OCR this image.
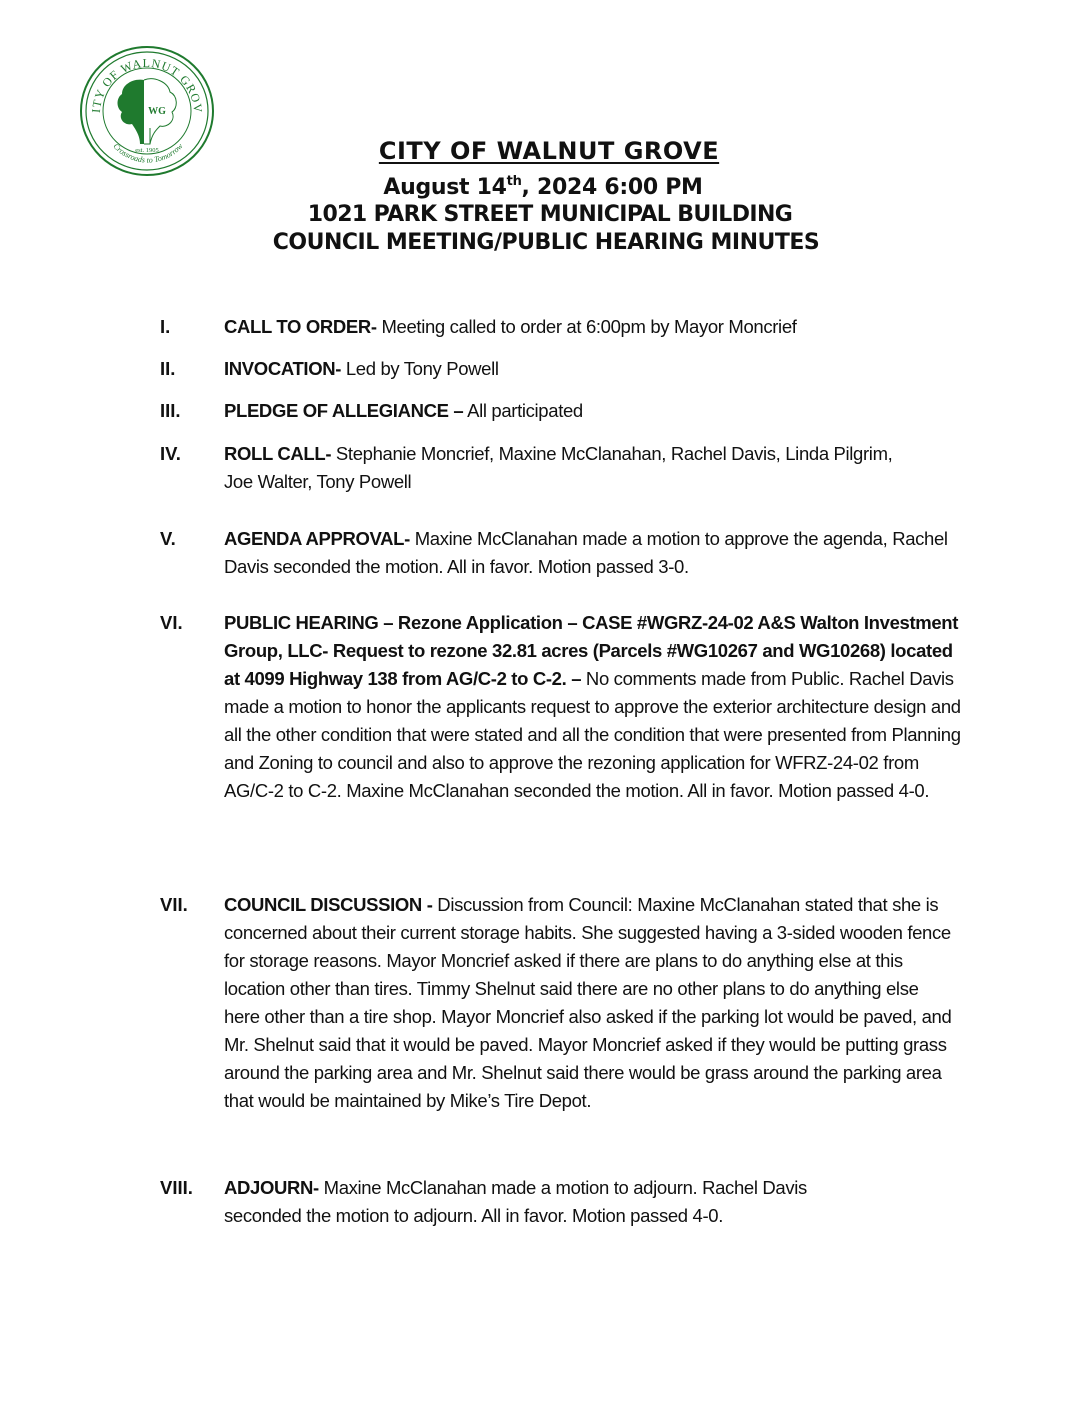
ITY OF WALNUT GROV
Crossroads to Tomorrow
WG
est. 1905	CITY OF WALNUT GROVE
August 14th, 2024 6:00 PM
1021 PARK STREET MUNICIPAL BUILDING
COUNCIL MEETING/PUBLIC HEARING MINUTES
I.	CALL TO ORDER- Meeting called to order at 6:00pm by Mayor Moncrief
II.	INVOCATION- Led by Tony Powell
III. PLEDGE OF ALLEGIANCE – All participated
IV. ROLL CALL- Stephanie Moncrief, Maxine McClanahan, Rachel Davis, Linda Pilgrim, Joe Walter, Tony Powell
V.	AGENDA APPROVAL- Maxine McClanahan made a motion to approve the agenda, Rachel Davis seconded the motion. All in favor. Motion passed 3-0.
VI. PUBLIC HEARING – Rezone Application – CASE #WGRZ-24-02 A&S Walton Investment Group, LLC- Request to rezone 32.81 acres (Parcels #WG10267 and WG10268) located at 4099 Highway 138 from AG/C-2 to C-2. – No comments made from Public. Rachel Davis made a motion to honor the applicants request to approve the exterior architecture design and all the other condition that were stated and all the condition that were presented from Planning and Zoning to council and also to approve the rezoning application for WFRZ-24-02 from AG/C-2 to C-2. Maxine McClanahan seconded the motion. All in favor. Motion passed 4-0.
VII. COUNCIL DISCUSSION - Discussion from Council: Maxine McClanahan stated that she is concerned about their current storage habits. She suggested having a 3-sided wooden fence for storage reasons. Mayor Moncrief asked if there are plans to do anything else at this location other than tires. Timmy Shelnut said there are no other plans to do anything else here other than a tire shop. Mayor Moncrief also asked if the parking lot would be paved, and Mr. Shelnut said that it would be paved. Mayor Moncrief asked if they would be putting grass around the parking area and Mr. Shelnut said there would be grass around the parking area that would be maintained by Mike’s Tire Depot.
VIII. ADJOURN- Maxine McClanahan made a motion to adjourn. Rachel Davis seconded the motion to adjourn. All in favor. Motion passed 4-0.
